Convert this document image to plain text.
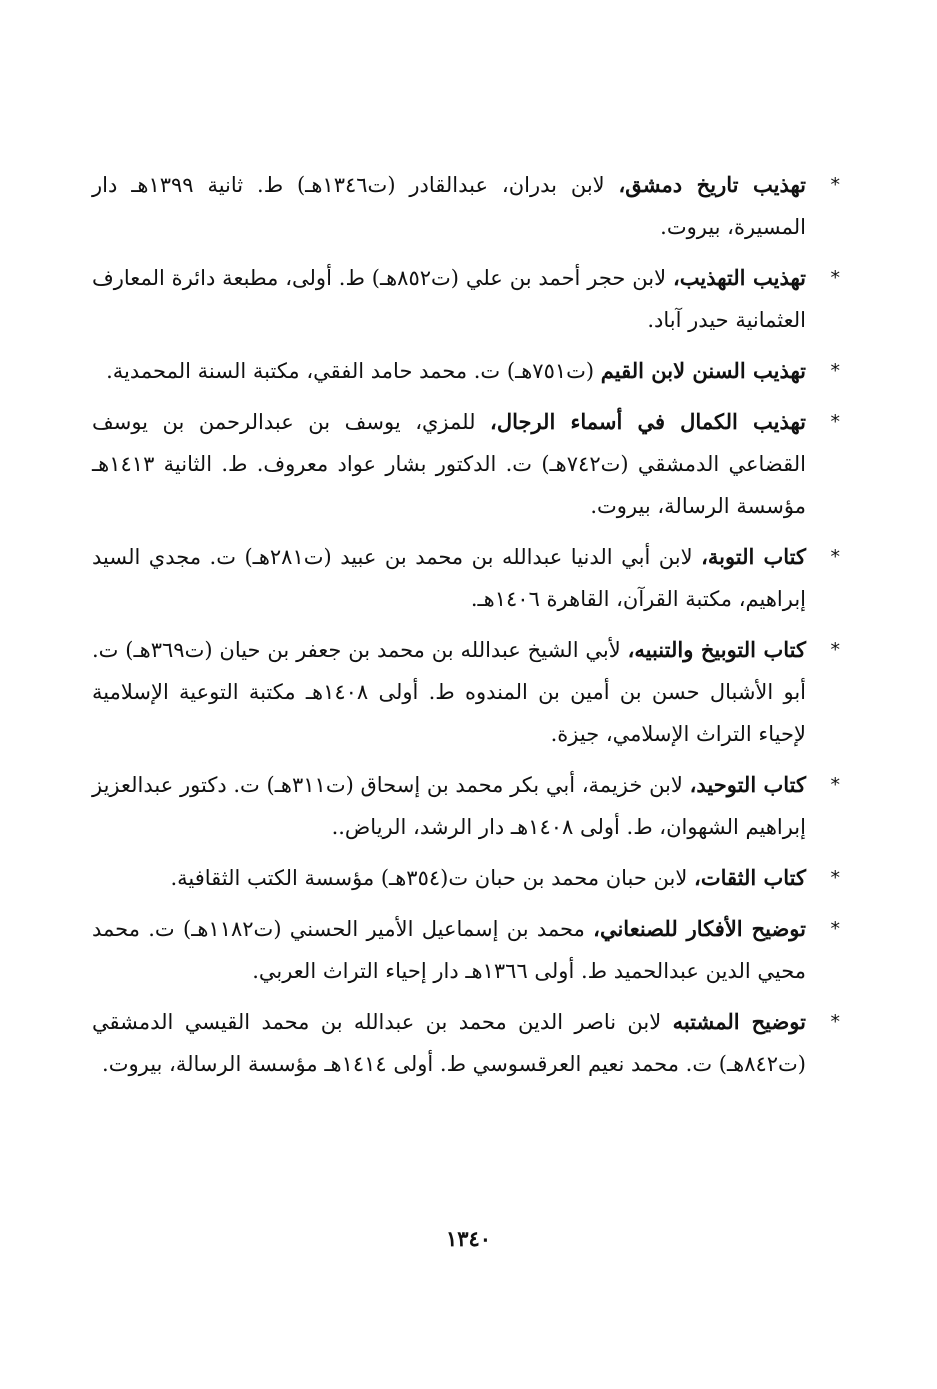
*
تهذيب تاريخ دمشق، لابن بدران، عبدالقادر (ت١٣٤٦هـ) ط. ثانية ١٣٩٩هـ دار المسيرة، بيروت.
*
تهذيب التهذيب، لابن حجر أحمد بن علي (ت٨٥٢هـ) ط. أولى، مطبعة دائرة المعارف العثمانية حيدر آباد.
*
تهذيب السنن لابن القيم (ت٧٥١هـ) ت. محمد حامد الفقي، مكتبة السنة المحمدية.
*
تهذيب الكمال في أسماء الرجال، للمزي، يوسف بن عبدالرحمن بن يوسف القضاعي الدمشقي (ت٧٤٢هـ) ت. الدكتور بشار عواد معروف. ط. الثانية ١٤١٣هـ مؤسسة الرسالة، بيروت.
*
كتاب التوبة، لابن أبي الدنيا عبدالله بن محمد بن عبيد (ت٢٨١هـ) ت. مجدي السيد إبراهيم، مكتبة القرآن، القاهرة ١٤٠٦هـ.
*
كتاب التوبيخ والتنبيه، لأبي الشيخ عبدالله بن محمد بن جعفر بن حيان (ت٣٦٩هـ) ت. أبو الأشبال حسن بن أمين بن المندوه ط. أولى ١٤٠٨هـ مكتبة التوعية الإسلامية لإحياء التراث الإسلامي، جيزة.
*
كتاب التوحيد، لابن خزيمة، أبي بكر محمد بن إسحاق (ت٣١١هـ) ت. دكتور عبدالعزيز إبراهيم الشهوان، ط. أولى ١٤٠٨هـ دار الرشد، الرياض..
*
كتاب الثقات، لابن حبان محمد بن حبان ت(٣٥٤هـ) مؤسسة الكتب الثقافية.
*
توضيح الأفكار للصنعاني، محمد بن إسماعيل الأمير الحسني (ت١١٨٢هـ) ت. محمد محيي الدين عبدالحميد ط. أولى ١٣٦٦هـ دار إحياء التراث العربي.
*
توضيح المشتبه لابن ناصر الدين محمد بن عبدالله بن محمد القيسي الدمشقي (ت٨٤٢هـ) ت. محمد نعيم العرقسوسي ط. أولى ١٤١٤هـ مؤسسة الرسالة، بيروت.
١٣٤٠
